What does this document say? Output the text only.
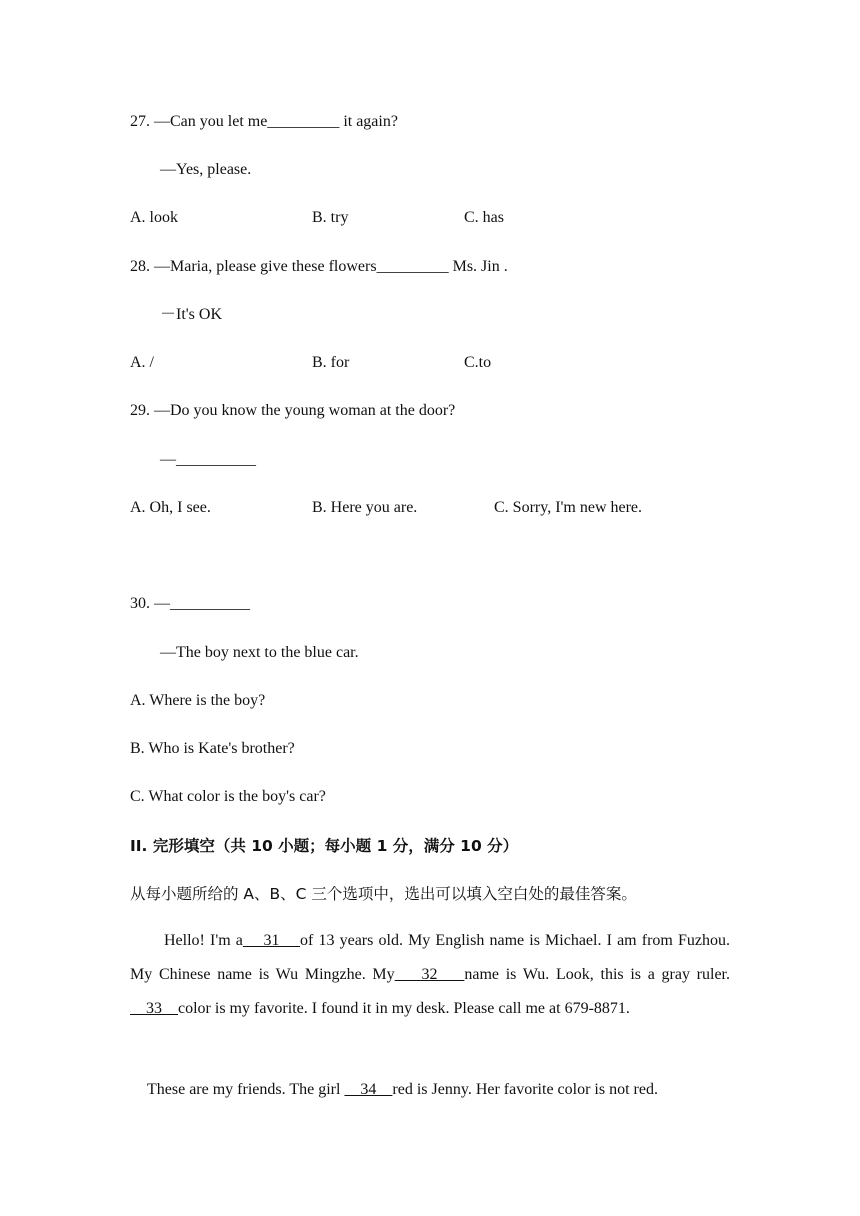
27. —Can you let me_________ it again?
—Yes, please.
A. look	B. try	C. has
28. —Maria, please give these flowers_________ Ms. Jin .
－It's OK
A. /	B. for	C.to
29. —Do you know the young woman at the door?
—__________
A. Oh, I see.	B. Here you are.	C. Sorry, I'm new here.
30. —__________
—The boy next to the blue car.
A. Where is the boy?
B. Who is Kate's brother?
C. What color is the boy's car?
II. 完形填空（共 10 小题；每小题 1 分，满分 10 分）
从每小题所给的 A、B、C 三个选项中，选出可以填入空白处的最佳答案。

Hello! I'm a    31    of 13 years old. My English name is Michael. I am from Fuzhou. My Chinese name is Wu Mingzhe. My    32    name is Wu. Look, this is a gray ruler.     33    color is my favorite. I found it in my desk. Please call me at 679-8871.

These are my friends. The girl     34    red is Jenny. Her favorite color is not red.
